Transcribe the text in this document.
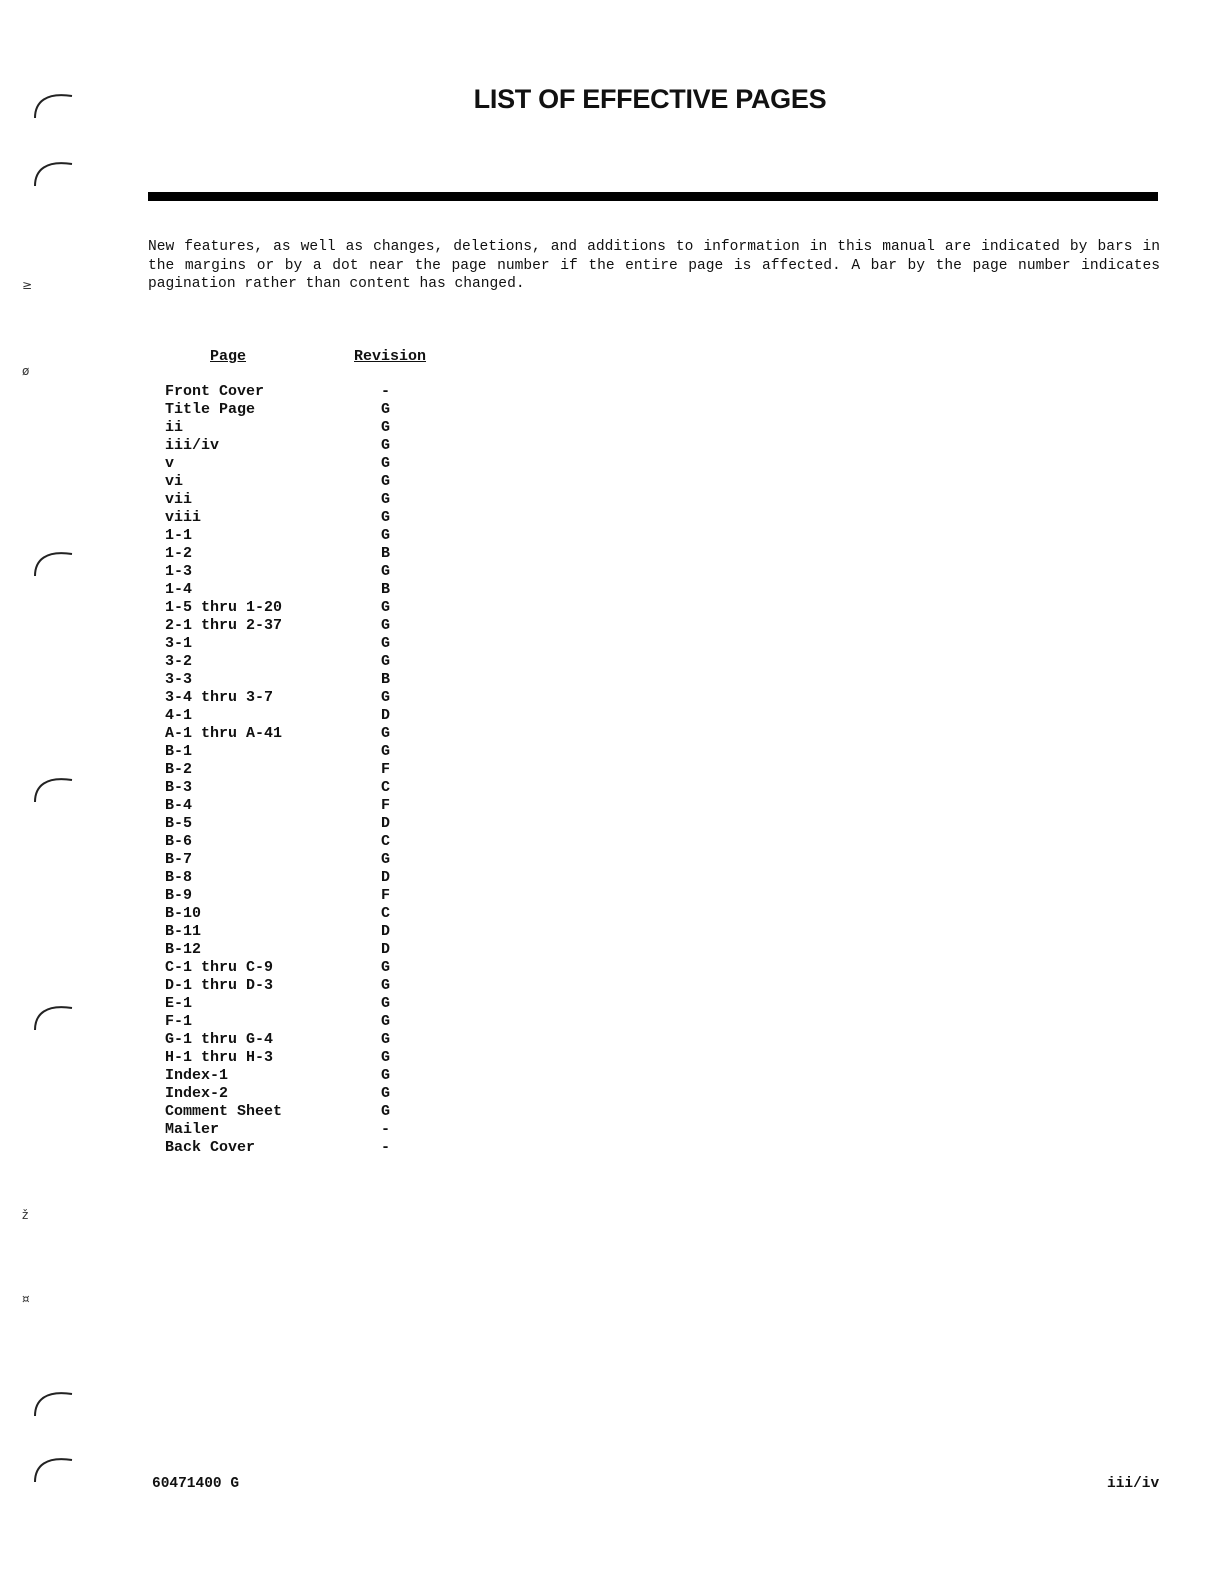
LIST OF EFFECTIVE PAGES
New features, as well as changes, deletions, and additions to information in this manual are indicated by bars in the margins or by a dot near the page number if the entire page is affected. A bar by the page number indicates pagination rather than content has changed.
Page	Revision
Front Cover	-
Title Page	G
ii	G
iii/iv	G
v	G
vi	G
vii	G
viii	G
1-1	G
1-2	B
1-3	G
1-4	B
1-5 thru 1-20	G
2-1 thru 2-37	G
3-1	G
3-2	G
3-3	B
3-4 thru 3-7	G
4-1	D
A-1 thru A-41	G
B-1	G
B-2	F
B-3	C
B-4	F
B-5	D
B-6	C
B-7	G
B-8	D
B-9	F
B-10	C
B-11	D
B-12	D
C-1 thru C-9	G
D-1 thru D-3	G
E-1	G
F-1	G
G-1 thru G-4	G
H-1 thru H-3	G
Index-1	G
Index-2	G
Comment Sheet	G
Mailer	-
Back Cover	-
60471400 G	iii/iv
≥
ø
ž
¤
